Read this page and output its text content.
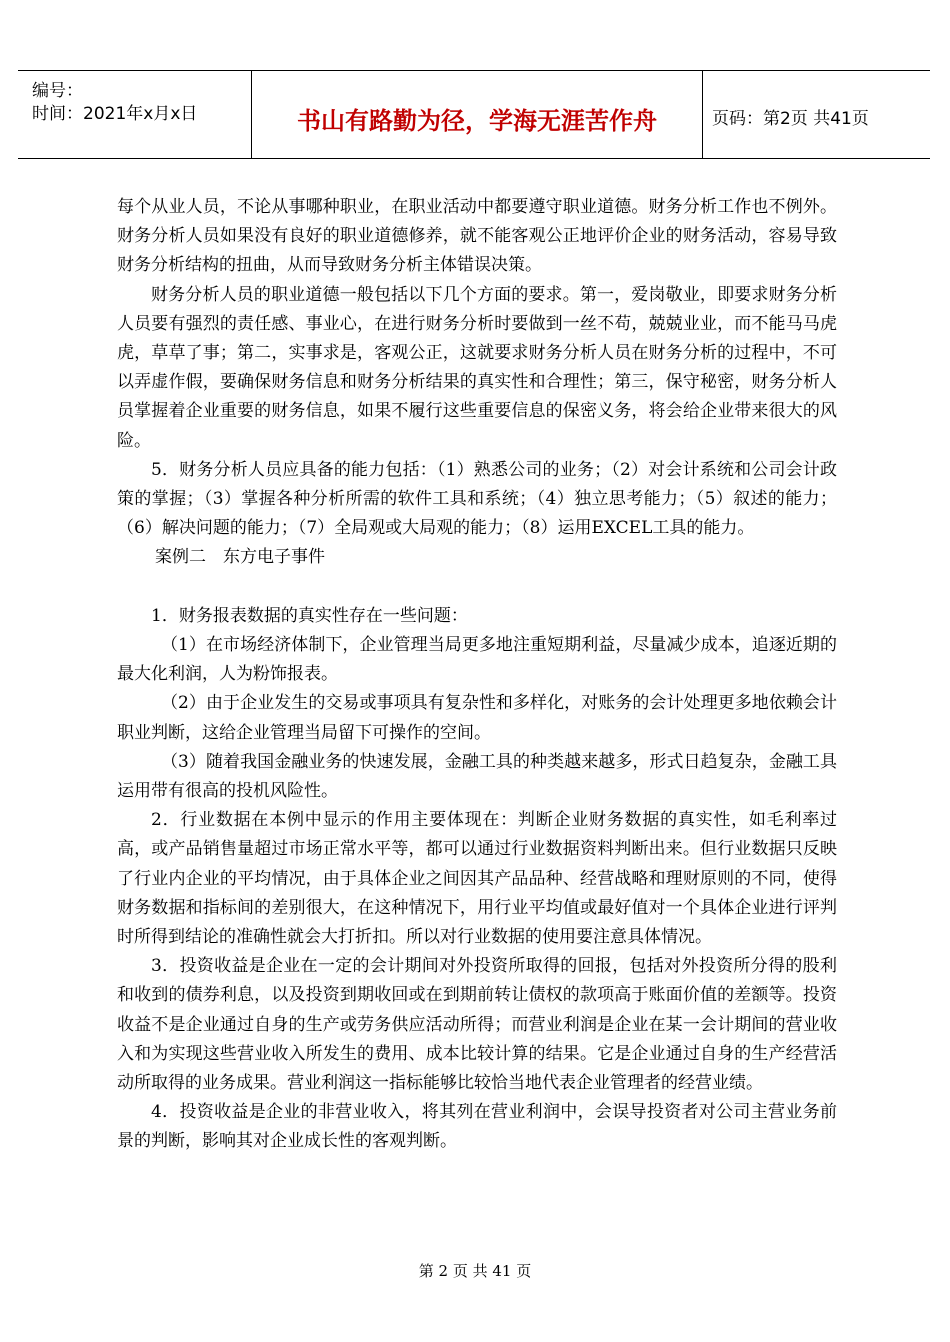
编号：
时间：2021年x月x日	书山有路勤为径，学海无涯苦作舟	页码：第2页 共41页

每个从业人员，不论从事哪种职业，在职业活动中都要遵守职业道德。财务分析工作也不例外。财务分析人员如果没有良好的职业道德修养，就不能客观公正地评价企业的财务活动，容易导致财务分析结构的扭曲，从而导致财务分析主体错误决策。

财务分析人员的职业道德一般包括以下几个方面的要求。第一，爱岗敬业，即要求财务分析人员要有强烈的责任感、事业心，在进行财务分析时要做到一丝不苟，兢兢业业，而不能马马虎虎，草草了事；第二，实事求是，客观公正，这就要求财务分析人员在财务分析的过程中，不可以弄虚作假，要确保财务信息和财务分析结果的真实性和合理性；第三，保守秘密，财务分析人员掌握着企业重要的财务信息，如果不履行这些重要信息的保密义务，将会给企业带来很大的风险。

5．财务分析人员应具备的能力包括：（1）熟悉公司的业务；（2）对会计系统和公司会计政策的掌握；（3）掌握各种分析所需的软件工具和系统；（4）独立思考能力；（5）叙述的能力；（6）解决问题的能力；（7）全局观或大局观的能力；（8）运用EXCEL工具的能力。

案例二　东方电子事件

1．财务报表数据的真实性存在一些问题：

（1）在市场经济体制下，企业管理当局更多地注重短期利益，尽量减少成本，追逐近期的最大化利润，人为粉饰报表。

（2）由于企业发生的交易或事项具有复杂性和多样化，对账务的会计处理更多地依赖会计职业判断，这给企业管理当局留下可操作的空间。

（3）随着我国金融业务的快速发展，金融工具的种类越来越多，形式日趋复杂，金融工具运用带有很高的投机风险性。

2．行业数据在本例中显示的作用主要体现在：判断企业财务数据的真实性，如毛利率过高，或产品销售量超过市场正常水平等，都可以通过行业数据资料判断出来。但行业数据只反映了行业内企业的平均情况，由于具体企业之间因其产品品种、经营战略和理财原则的不同，使得财务数据和指标间的差别很大，在这种情况下，用行业平均值或最好值对一个具体企业进行评判时所得到结论的准确性就会大打折扣。所以对行业数据的使用要注意具体情况。

3．投资收益是企业在一定的会计期间对外投资所取得的回报，包括对外投资所分得的股利和收到的债券利息，以及投资到期收回或在到期前转让债权的款项高于账面价值的差额等。投资收益不是企业通过自身的生产或劳务供应活动所得；而营业利润是企业在某一会计期间的营业收入和为实现这些营业收入所发生的费用、成本比较计算的结果。它是企业通过自身的生产经营活动所取得的业务成果。营业利润这一指标能够比较恰当地代表企业管理者的经营业绩。

4．投资收益是企业的非营业收入，将其列在营业利润中，会误导投资者对公司主营业务前景的判断，影响其对企业成长性的客观判断。

第 2 页 共 41 页
